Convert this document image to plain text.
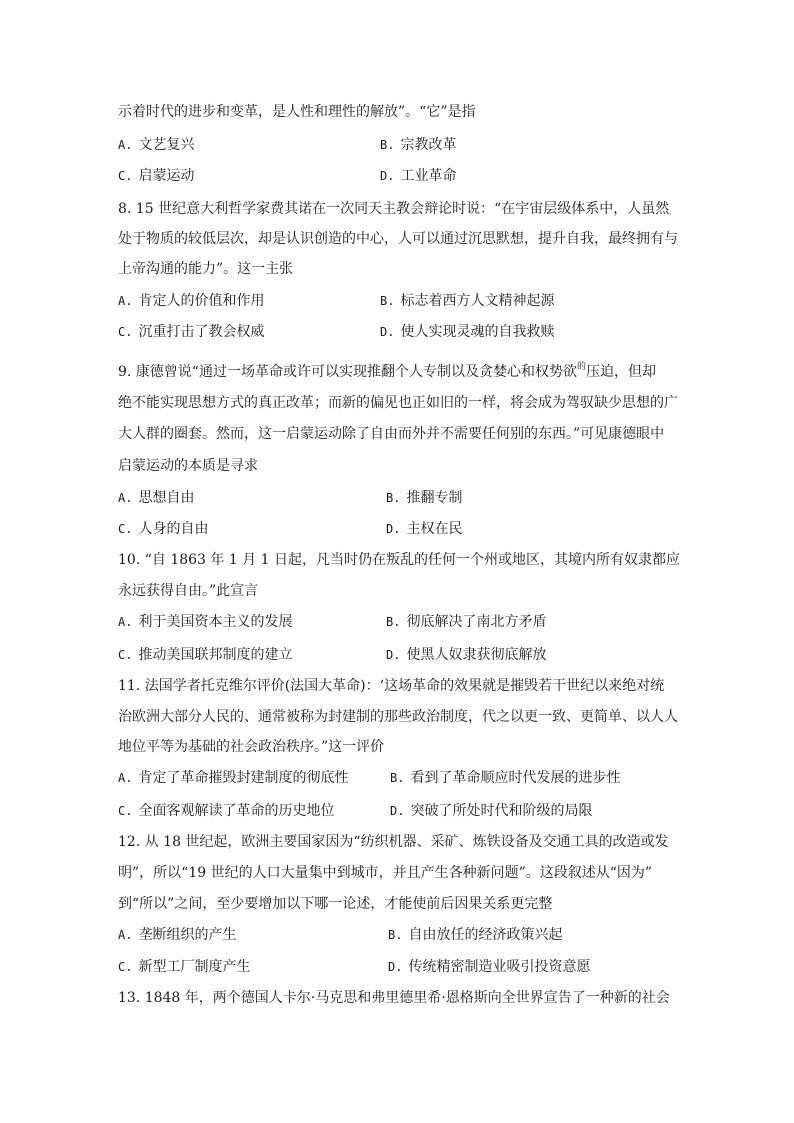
示着时代的进步和变革，是人性和理性的解放”。“它”是指
A. 文艺复兴	B. 宗教改革
C. 启蒙运动	D. 工业革命
8. 15 世纪意大利哲学家费其诺在一次同天主教会辩论时说：“在宇宙层级体系中，人虽然
处于物质的较低层次，却是认识创造的中心，人可以通过沉思默想，提升自我，最终拥有与
上帝沟通的能力”。这一主张
A. 肯定人的价值和作用	B. 标志着西方人文精神起源
C. 沉重打击了教会权威	D. 使人实现灵魂的自我救赎
9. 康德曾说“通过一场革命或许可以实现推翻个人专制以及贪婪心和权势欲$^的$压迫，但却
绝不能实现思想方式的真正改革；而新的偏见也正如旧的一样，将会成为驾驭缺少思想的广
大人群的圈套。然而，这一启蒙运动除了自由而外并不需要任何别的东西。”可见康德眼中
启蒙运动的本质是寻求
A. 思想自由	B. 推翻专制
C. 人身的自由	D. 主权在民
10. “自 1863 年 1 月 1 日起，凡当时仍在叛乱的任何一个州或地区，其境内所有奴隶都应
永远获得自由。”此宣言
A. 利于美国资本主义的发展	B. 彻底解决了南北方矛盾
C. 推动美国联邦制度的建立	D. 使黑人奴隶获彻底解放
11. 法国学者托克维尔评价(法国大革命)：‘这场革命的效果就是摧毁若干世纪以来绝对统
治欧洲大部分人民的、通常被称为封建制的那些政治制度，代之以更一致、更简单、以人人
地位平等为基础的社会政治秩序。”这一评价
A. 肯定了革命摧毁封建制度的彻底性	B. 看到了革命顺应时代发展的进步性
C. 全面客观解读了革命的历史地位	D. 突破了所处时代和阶级的局限
12. 从 18 世纪起，欧洲主要国家因为“纺织机器、采矿、炼铁设备及交通工具的改造或发
明”，所以“19 世纪的人口大量集中到城市，并且产生各种新问题”。这段叙述从“因为”
到“所以”之间，至少要增加以下哪一论述，才能使前后因果关系更完整
A. 垄断组织的产生	B. 自由放任的经济政策兴起
C. 新型工厂制度产生	D. 传统精密制造业吸引投资意愿
13. 1848 年，两个德国人卡尔·马克思和弗里德里希·恩格斯向全世界宣告了一种新的社会
